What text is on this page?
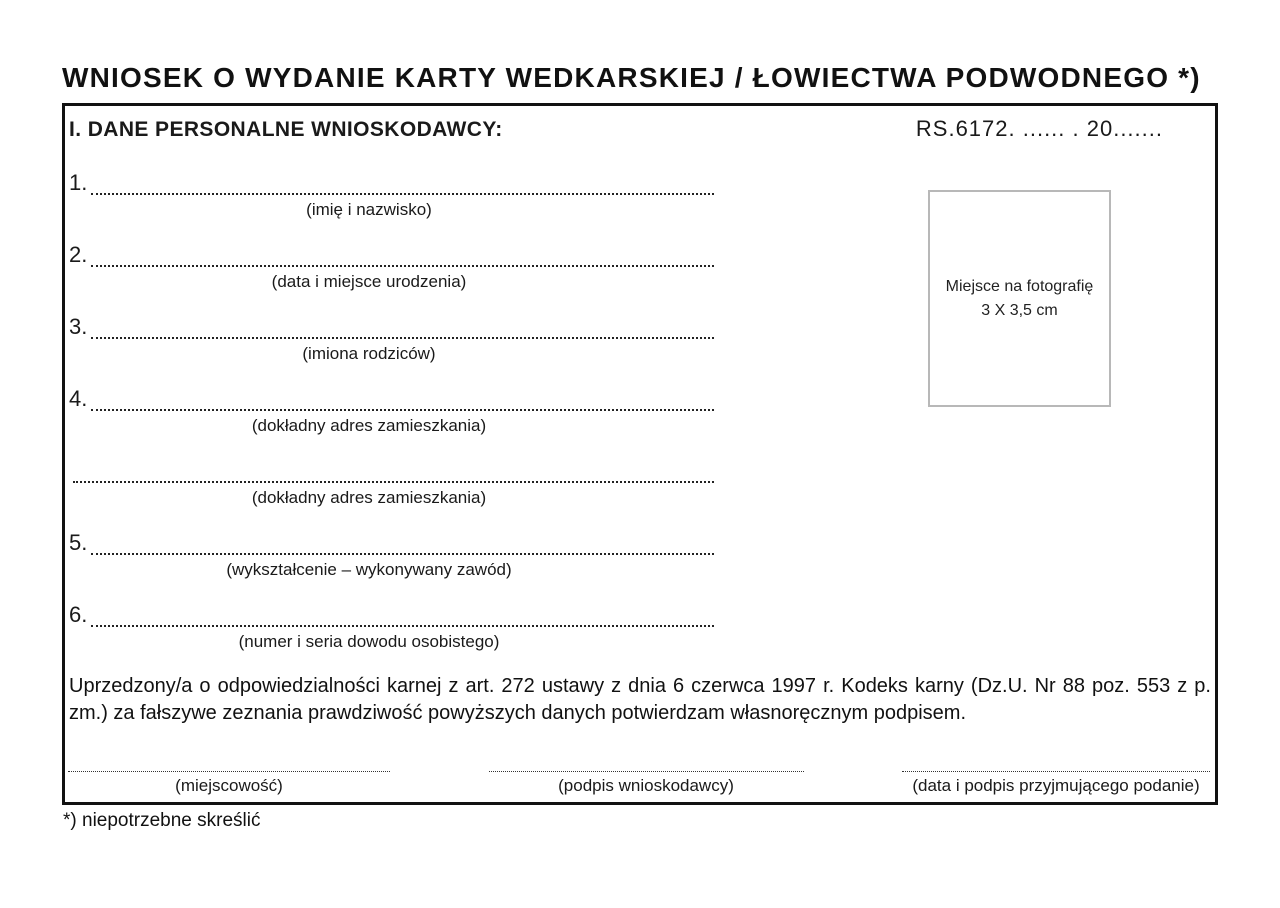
WNIOSEK O WYDANIE KARTY WEDKARSKIEJ / ŁOWIECTWA PODWODNEGO *)
I. DANE PERSONALNE WNIOSKODAWCY:	RS.6172. ...... . 20.......
1.
(imię i nazwisko)
2.
(data i miejsce urodzenia)
3.
(imiona rodziców)
4.
(dokładny adres zamieszkania)
(dokładny adres zamieszkania)
5.
(wykształcenie – wykonywany zawód)
6.
(numer i seria dowodu osobistego)
Miejsce na fotografię
3 X 3,5 cm
Uprzedzony/a o odpowiedzialności karnej z art. 272 ustawy z dnia 6 czerwca 1997 r. Kodeks karny (Dz.U. Nr 88 poz. 553 z p. zm.) za fałszywe zeznania prawdziwość powyższych danych potwierdzam własnoręcznym podpisem.
(miejscowość)	(podpis wnioskodawcy)	(data i podpis przyjmującego podanie)
*) niepotrzebne skreślić
